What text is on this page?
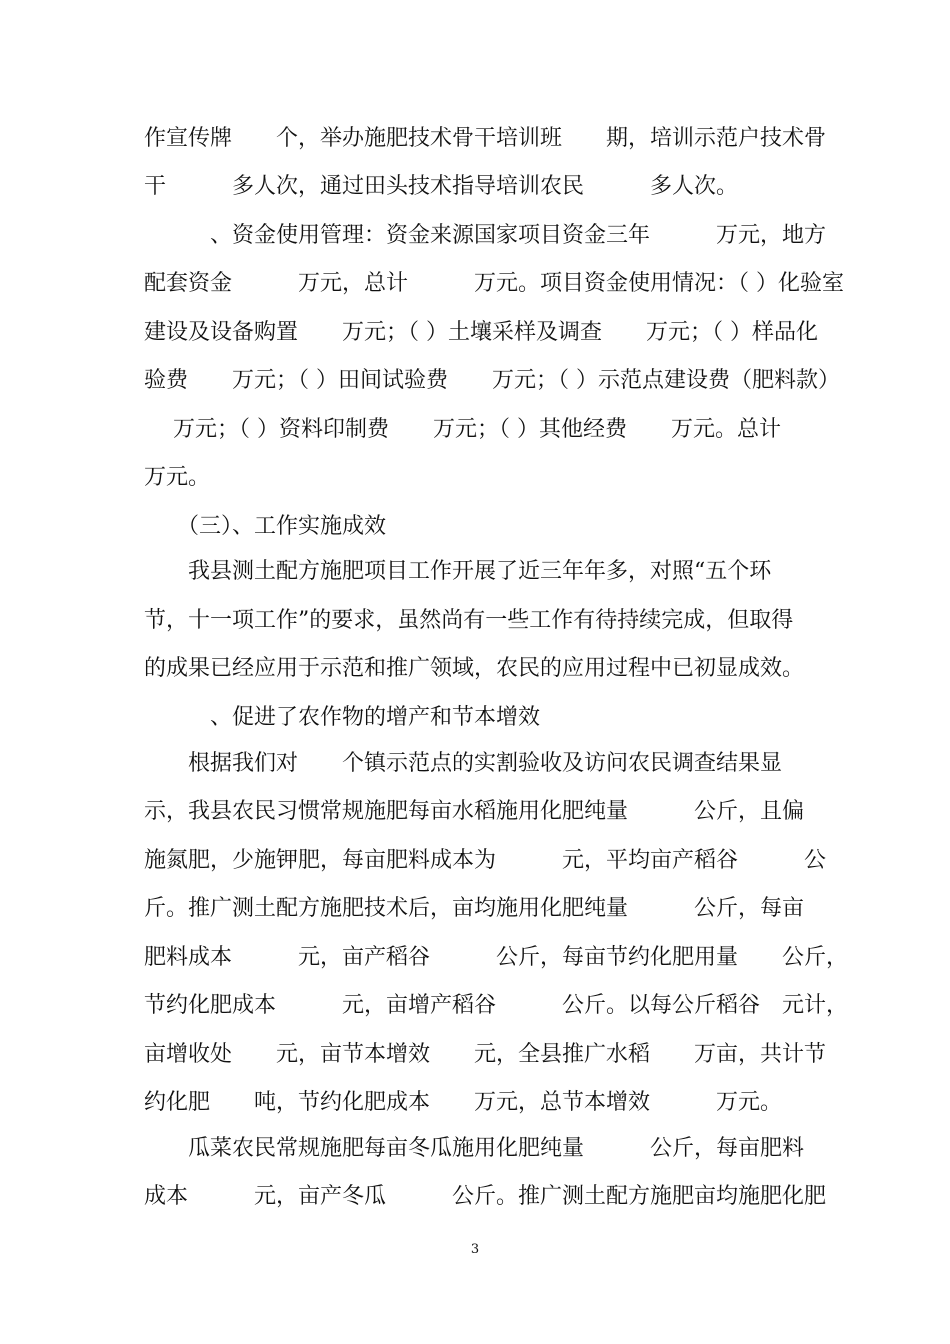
作宣传牌　　个，举办施肥技术骨干培训班　　期，培训示范户技术骨

干　　　多人次，通过田头技术指导培训农民　　　多人次。

　　　、资金使用管理：资金来源国家项目资金三年　　　万元，地方

配套资金　　　万元，总计　　　万元。项目资金使用情况：（ ）化验室

建设及设备购置　　万元；（ ）土壤采样及调查　　万元；（ ）样品化

验费　　万元；（ ）田间试验费　　万元；（ ）示范点建设费（肥料款）

　 万元；（ ）资料印制费　　万元；（ ）其他经费　　万元。总计

万元。

　　（三）、工作实施成效

　　我县测土配方施肥项目工作开展了近三年年多，对照“五个环

节，十一项工作”的要求，虽然尚有一些工作有待持续完成，但取得

的成果已经应用于示范和推广领域，农民的应用过程中已初显成效。

　　　、促进了农作物的增产和节本增效

　　根据我们对　　个镇示范点的实割验收及访问农民调查结果显

示，我县农民习惯常规施肥每亩水稻施用化肥纯量　　　公斤，且偏

施氮肥，少施钾肥，每亩肥料成本为　　　元，平均亩产稻谷　　　公

斤。推广测土配方施肥技术后，亩均施用化肥纯量　　　公斤，每亩

肥料成本　　　元，亩产稻谷　　　公斤，每亩节约化肥用量　　公斤，

节约化肥成本　　　元，亩增产稻谷　　　公斤。以每公斤稻谷　元计，

亩增收处　　元，亩节本增效　　元，全县推广水稻　　万亩，共计节

约化肥　　吨，节约化肥成本　　万元，总节本增效　　　万元。

　　瓜菜农民常规施肥每亩冬瓜施用化肥纯量　　　公斤，每亩肥料

成本　　　元，亩产冬瓜　　　公斤。推广测土配方施肥亩均施肥化肥

3
